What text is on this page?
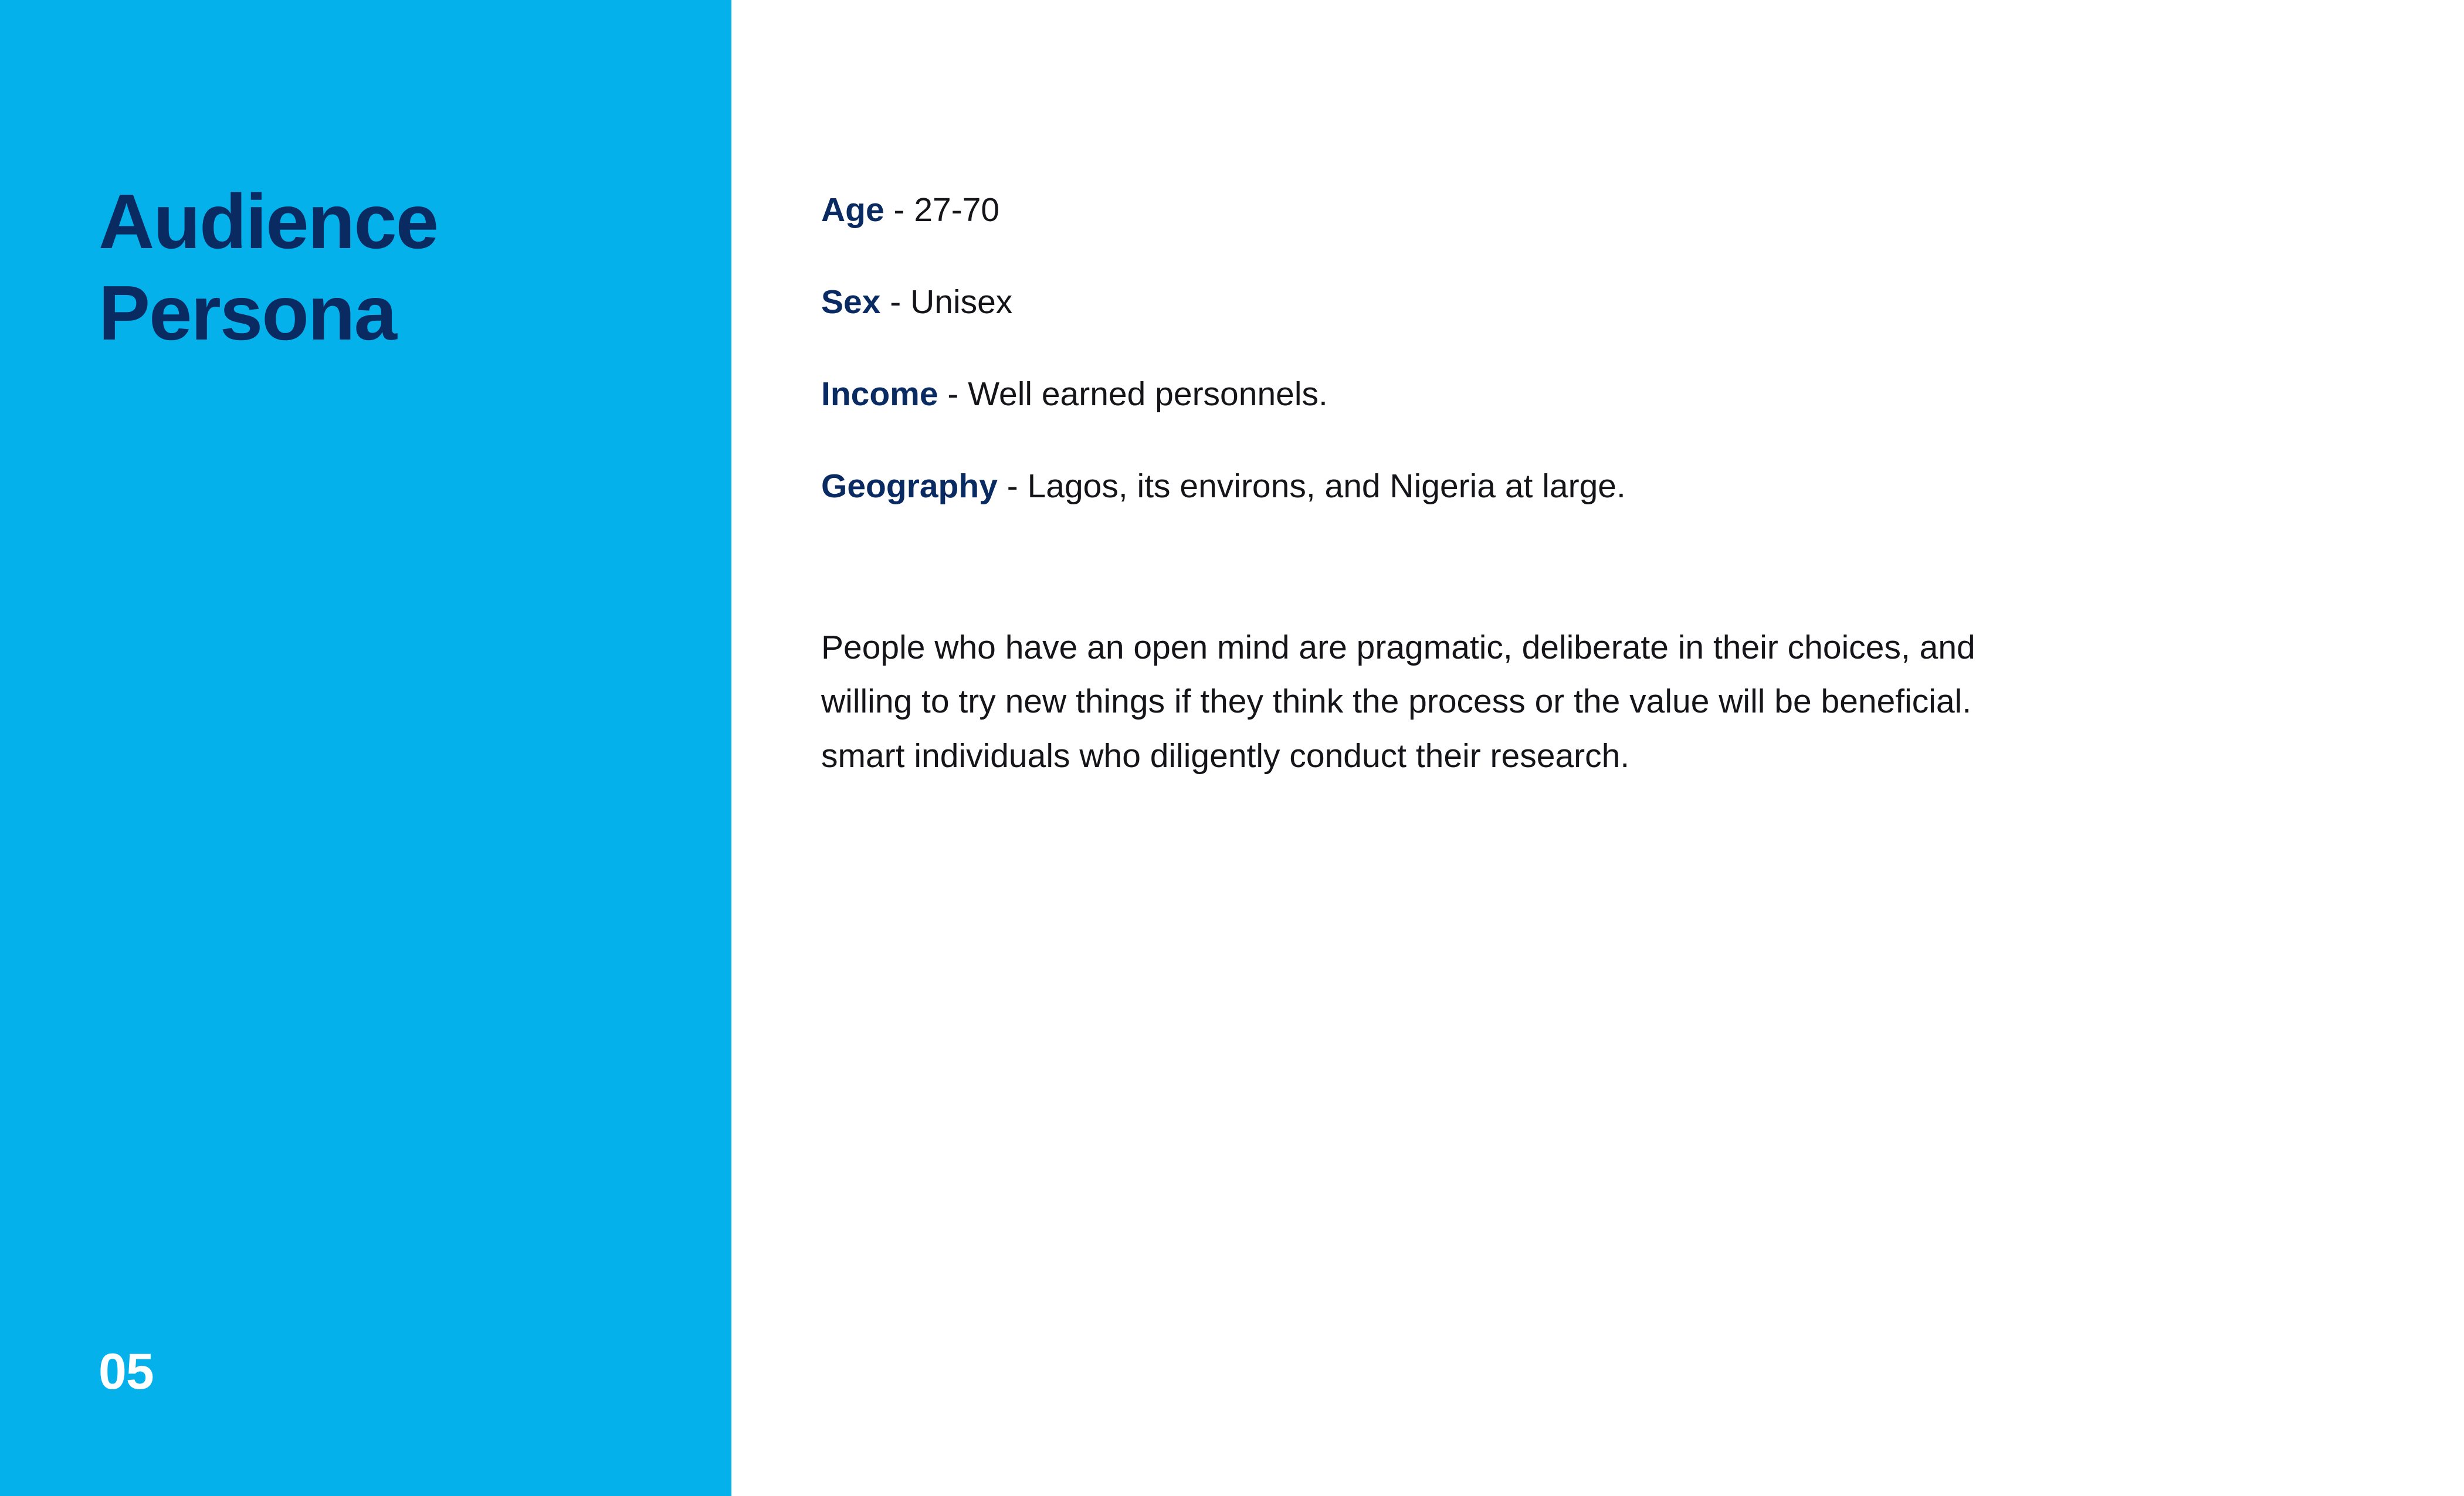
Audience
Persona
05
Age - 27-70
Sex - Unisex
Income - Well earned personnels.
Geography - Lagos, its environs, and Nigeria at large.
People who have an open mind are pragmatic, deliberate in their choices, and
willing to try new things if they think the process or the value will be beneficial.
smart individuals who diligently conduct their research.
